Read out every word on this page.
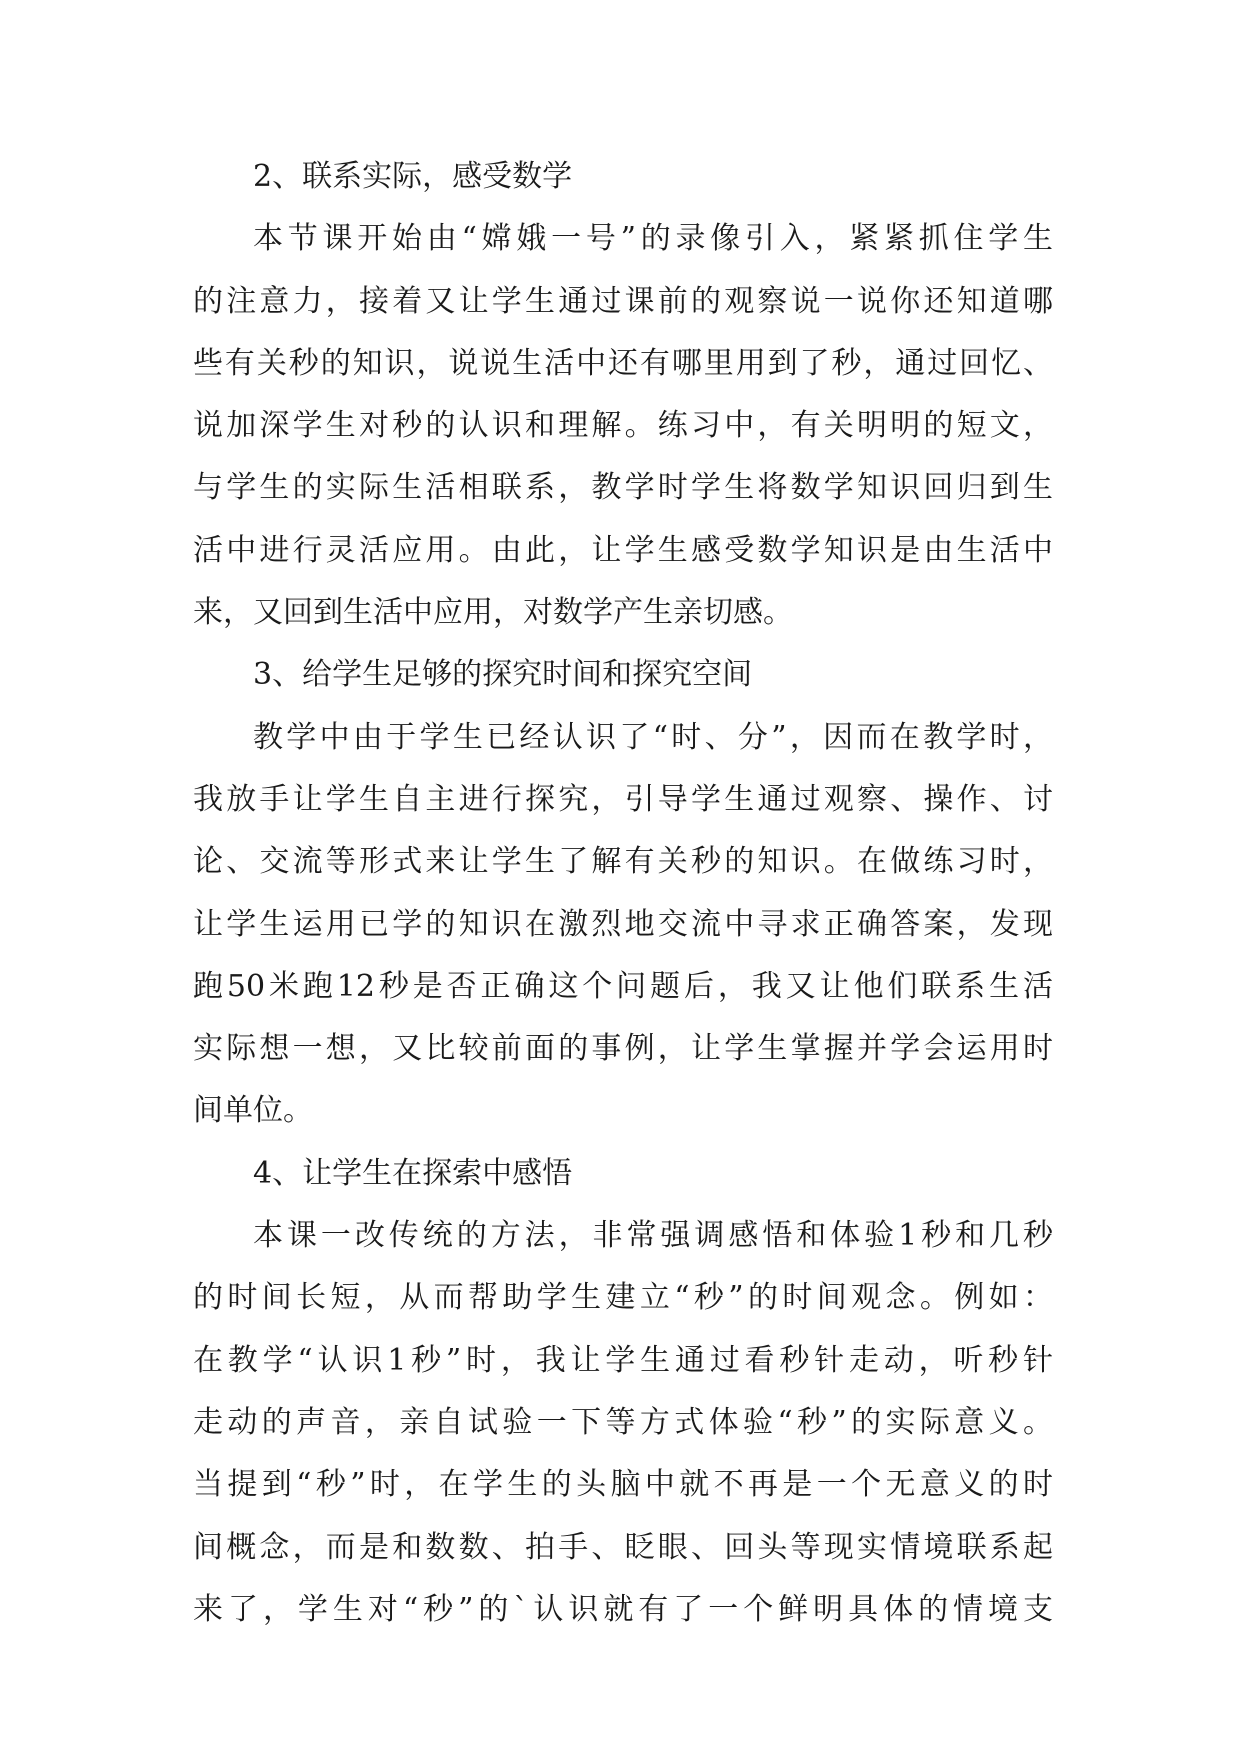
2、联系实际，感受数学
本节课开始由“嫦娥一号”的录像引入，紧紧抓住学生
的注意力，接着又让学生通过课前的观察说一说你还知道哪
些有关秒的知识，说说生活中还有哪里用到了秒，通过回忆、
说加深学生对秒的认识和理解。练习中，有关明明的短文，
与学生的实际生活相联系，教学时学生将数学知识回归到生
活中进行灵活应用。由此，让学生感受数学知识是由生活中
来，又回到生活中应用，对数学产生亲切感。
3、给学生足够的探究时间和探究空间
教学中由于学生已经认识了“时、分”，因而在教学时，
我放手让学生自主进行探究，引导学生通过观察、操作、讨
论、交流等形式来让学生了解有关秒的知识。在做练习时，
让学生运用已学的知识在激烈地交流中寻求正确答案，发现
跑50米跑12秒是否正确这个问题后，我又让他们联系生活
实际想一想，又比较前面的事例，让学生掌握并学会运用时
间单位。
4、让学生在探索中感悟
本课一改传统的方法，非常强调感悟和体验1秒和几秒
的时间长短，从而帮助学生建立“秒”的时间观念。例如：
在教学“认识1秒”时，我让学生通过看秒针走动，听秒针
走动的声音，亲自试验一下等方式体验“秒”的实际意义。
当提到“秒”时，在学生的头脑中就不再是一个无意义的时
间概念，而是和数数、拍手、眨眼、回头等现实情境联系起
来了，学生对“秒”的`认识就有了一个鲜明具体的情境支
